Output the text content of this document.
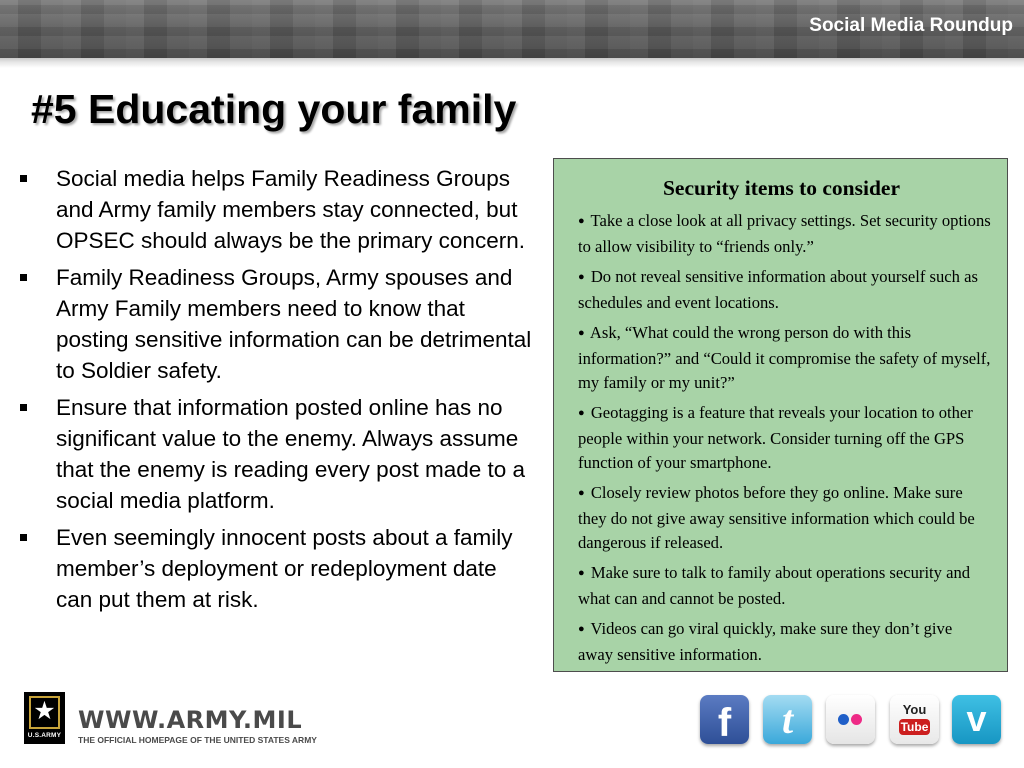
Social Media Roundup
#5 Educating your family
Social media helps Family Readiness Groups and Army family members stay connected, but OPSEC should always be the primary concern.
Family Readiness Groups, Army spouses and Army Family members need to know that posting sensitive information can be detrimental to Soldier safety.
Ensure that information posted online has no significant value to the enemy. Always assume that the enemy is reading every post made to a social media platform.
Even seemingly innocent posts about a family member’s deployment or redeployment date can put them at risk.
Security items to consider

● Take a close look at all privacy settings. Set security options to allow visibility to “friends only.”

● Do not reveal sensitive information about yourself such as schedules and event locations.

● Ask, “What could the wrong person do with this information?” and “Could it compromise the safety of myself, my family or my unit?”

● Geotagging is a feature that reveals your location to other people within your network. Consider turning off the GPS function of your smartphone.

● Closely review photos before they go online. Make sure they do not give away sensitive information which could be dangerous if released.

● Make sure to talk to family about operations security and what can and cannot be posted.

● Videos can go viral quickly, make sure they don’t give away sensitive information.

★
U.S.ARMY
WWW.ARMY.MIL
THE OFFICIAL HOMEPAGE OF THE UNITED STATES ARMY	f	t	You
Tube	v
